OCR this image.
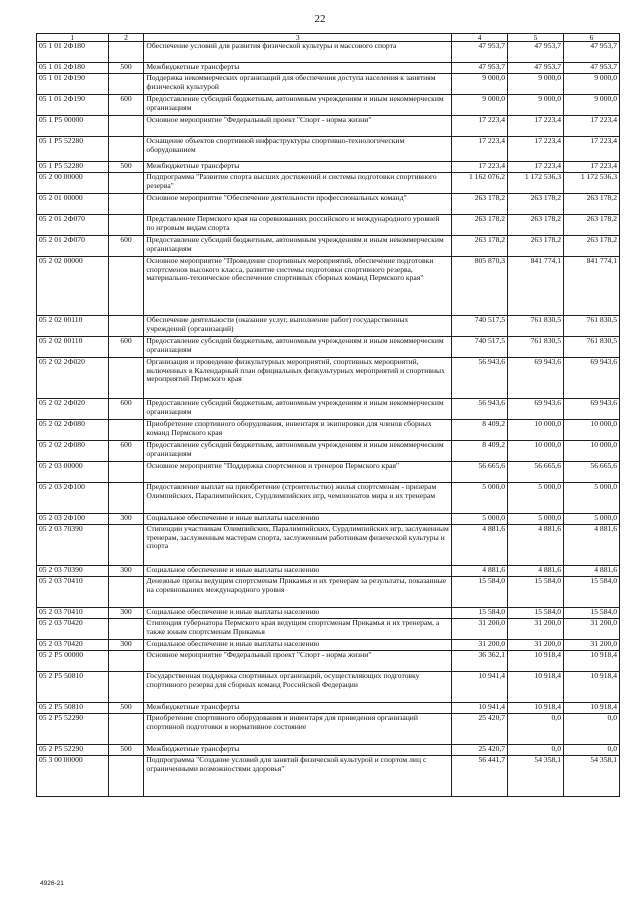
22
1	2	3	4	5	6
05 1 01 2Ф180		Обеспечение условий для развития физической культуры и массового спорта	47 953,7	47 953,7	47 953,7
05 1 01 2Ф180	500	Межбюджетные трансферты	47 953,7	47 953,7	47 953,7
05 1 01 2Ф190		Поддержка некоммерческих организаций для обеспечения доступа населения к занятиям физической культурой	9 000,0	9 000,0	9 000,0
05 1 01 2Ф190	600	Предоставление субсидий бюджетным, автономным учреждениям и иным некоммерческим организациям	9 000,0	9 000,0	9 000,0
05 1 P5 00000		Основное мероприятие "Федеральный проект "Спорт - норма жизни"	17 223,4	17 223,4	17 223,4
05 1 P5 52280		Оснащение объектов спортивной инфраструктуры спортивно-технологическим оборудованием	17 223,4	17 223,4	17 223,4
05 1 P5 52280	500	Межбюджетные трансферты	17 223,4	17 223,4	17 223,4
05 2 00 00000		Подпрограмма "Развитие спорта высших достижений и системы подготовки спортивного резерва"	1 162 076,2	1 172 536,3	1 172 536,3
05 2 01 00000		Основное мероприятие "Обеспечение деятельности профессиональных команд"	263 178,2	263 178,2	263 178,2
05 2 01 2Ф070		Представление Пермского края на соревнованиях российского и международного уровней по игровым видам спорта	263 178,2	263 178,2	263 178,2
05 2 01 2Ф070	600	Предоставление субсидий бюджетным, автономным учреждениям и иным некоммерческим организациям	263 178,2	263 178,2	263 178,2
05 2 02 00000		Основное мероприятие "Проведение спортивных мероприятий, обеспечение подготовки спортсменов высокого класса, развитие системы подготовки спортивного резерва, материально-техническое обеспечение спортивных сборных команд Пермского края"	805 870,3	841 774,1	841 774,1
05 2 02 00110		Обеспечение деятельности (оказание услуг, выполнение работ) государственных учреждений (организаций)	740 517,5	761 830,5	761 830,5
05 2 02 00110	600	Предоставление субсидий бюджетным, автономным учреждениям и иным некоммерческим организациям	740 517,5	761 830,5	761 830,5
05 2 02 2Ф020		Организация и проведение физкультурных мероприятий, спортивных мероприятий, включенных в Календарный план официальных физкультурных мероприятий и спортивных мероприятий Пермского края	56 943,6	69 943,6	69 943,6
05 2 02 2Ф020	600	Предоставление субсидий бюджетным, автономным учреждениям и иным некоммерческим организациям	56 943,6	69 943,6	69 943,6
05 2 02 2Ф080		Приобретение спортивного оборудования, инвентаря и экипировки для членов сборных команд Пермского края	8 409,2	10 000,0	10 000,0
05 2 02 2Ф080	600	Предоставление субсидий бюджетным, автономным учреждениям и иным некоммерческим организациям	8 409,2	10 000,0	10 000,0
05 2 03 00000		Основное мероприятие "Поддержка спортсменов и тренеров Пермского края"	56 665,6	56 665,6	56 665,6
05 2 03 2Ф100		Предоставление выплат на приобретение (строительство) жилья спортсменам - призерам Олимпийских, Паралимпийских, Сурдлимпийских игр, чемпионатов мира и их тренерам	5 000,0	5 000,0	5 000,0
05 2 03 2Ф100	300	Социальное обеспечение и иные выплаты населению	5 000,0	5 000,0	5 000,0
05 2 03 70390		Стипендии участникам Олимпийских, Паралимпийских, Сурдлимпийских игр, заслуженным тренерам, заслуженным мастерам спорта, заслуженным работникам физической культуры и спорта	4 881,6	4 881,6	4 881,6
05 2 03 70390	300	Социальное обеспечение и иные выплаты населению	4 881,6	4 881,6	4 881,6
05 2 03 70410		Денежные призы ведущим спортсменам Прикамья и их тренерам за результаты, показанные на соревнованиях международного уровня	15 584,0	15 584,0	15 584,0
05 2 03 70410	300	Социальное обеспечение и иные выплаты населению	15 584,0	15 584,0	15 584,0
05 2 03 70420		Стипендия губернатора Пермского края ведущим спортсменам Прикамья и их тренерам, а также юным спортсменам Прикамья	31 200,0	31 200,0	31 200,0
05 2 03 70420	300	Социальное обеспечение и иные выплаты населению	31 200,0	31 200,0	31 200,0
05 2 P5 00000		Основное мероприятие "Федеральный проект "Спорт - норма жизни"	36 362,1	10 918,4	10 918,4
05 2 P5 50810		Государственная поддержка спортивных организаций, осуществляющих подготовку спортивного резерва для сборных команд Российской Федерации	10 941,4	10 918,4	10 918,4
05 2 P5 50810	500	Межбюджетные трансферты	10 941,4	10 918,4	10 918,4
05 2 P5 52290		Приобретение спортивного оборудования и инвентаря для приведения организаций спортивной подготовки в нормативное состояние	25 420,7	0,0	0,0
05 2 P5 52290	500	Межбюджетные трансферты	25 420,7	0,0	0,0
05 3 00 00000		Подпрограмма "Создание условий для занятий физической культурой и спортом лиц с ограниченными возможностями здоровья"	56 441,7	54 358,1	54 358,1
4926-21
